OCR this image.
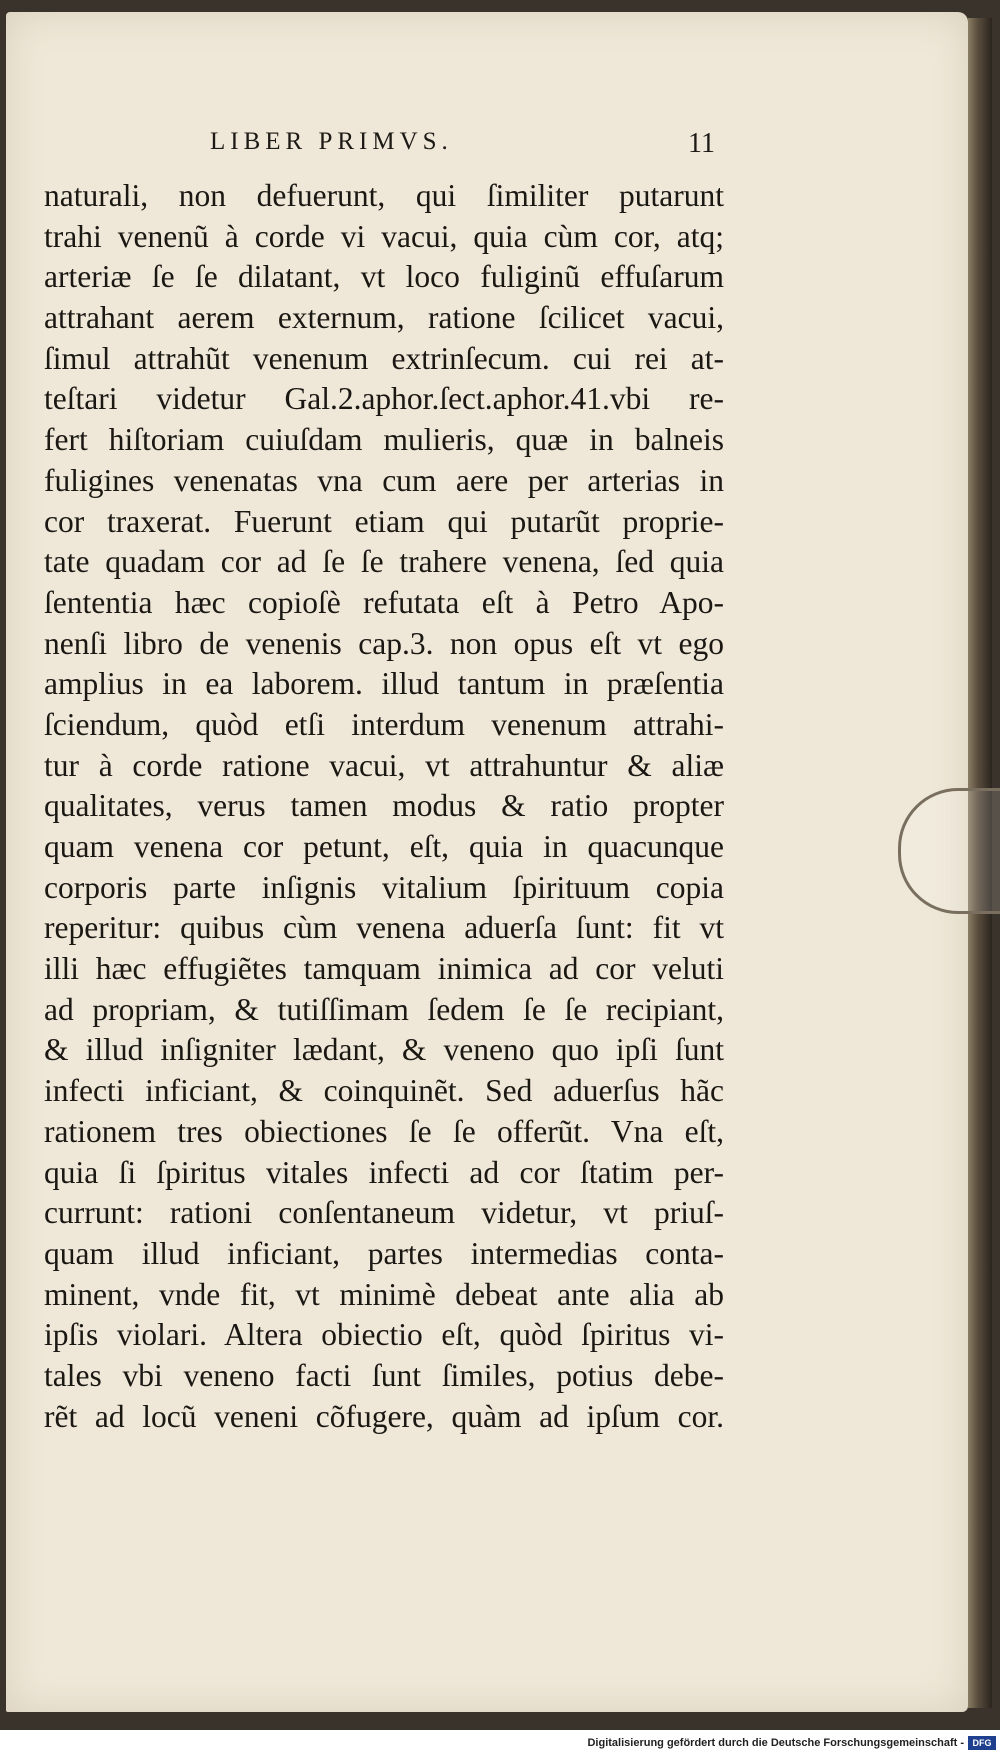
LIBER PRIMVS.	11
naturali, non defuerunt, qui ſimiliter putarunt
trahi venenũ à corde vi vacui, quia cùm cor, atq;
arteriæ ſe ſe dilatant, vt loco fuliginũ effuſarum
attrahant aerem externum, ratione ſcilicet vacui,
ſimul attrahũt venenum extrinſecum. cui rei at-
teſtari videtur Gal.2.aphor.ſect.aphor.41.vbi re-
fert hiſtoriam cuiuſdam mulieris, quæ in balneis
fuligines venenatas vna cum aere per arterias in
cor traxerat. Fuerunt etiam qui putarũt proprie-
tate quadam cor ad ſe ſe trahere venena, ſed quia
ſententia hæc copioſè refutata eſt à Petro Apo-
nenſi libro de venenis cap.3. non opus eſt vt ego
amplius in ea laborem. illud tantum in præſentia
ſciendum, quòd etſi interdum venenum attrahi-
tur à corde ratione vacui, vt attrahuntur & aliæ
qualitates, verus tamen modus & ratio propter
quam venena cor petunt, eſt, quia in quacunque
corporis parte inſignis vitalium ſpirituum copia
reperitur: quibus cùm venena aduerſa ſunt: fit vt
illi hæc effugiẽtes tamquam inimica ad cor veluti
ad propriam, & tutiſſimam ſedem ſe ſe recipiant,
& illud inſigniter lædant, & veneno quo ipſi ſunt
infecti inficiant, & coinquinẽt. Sed aduerſus hãc
rationem tres obiectiones ſe ſe offerũt. Vna eſt,
quia ſi ſpiritus vitales infecti ad cor ſtatim per-
currunt: rationi conſentaneum videtur, vt priuſ-
quam illud inficiant, partes intermedias conta-
minent, vnde fit, vt minimè debeat ante alia ab
ipſis violari. Altera obiectio eſt, quòd ſpiritus vi-
tales vbi veneno facti ſunt ſimiles, potius debe-
rẽt ad locũ veneni cõfugere, quàm ad ipſum cor.
Digitalisierung gefördert durch die Deutsche Forschungsgemeinschaft - DFG
